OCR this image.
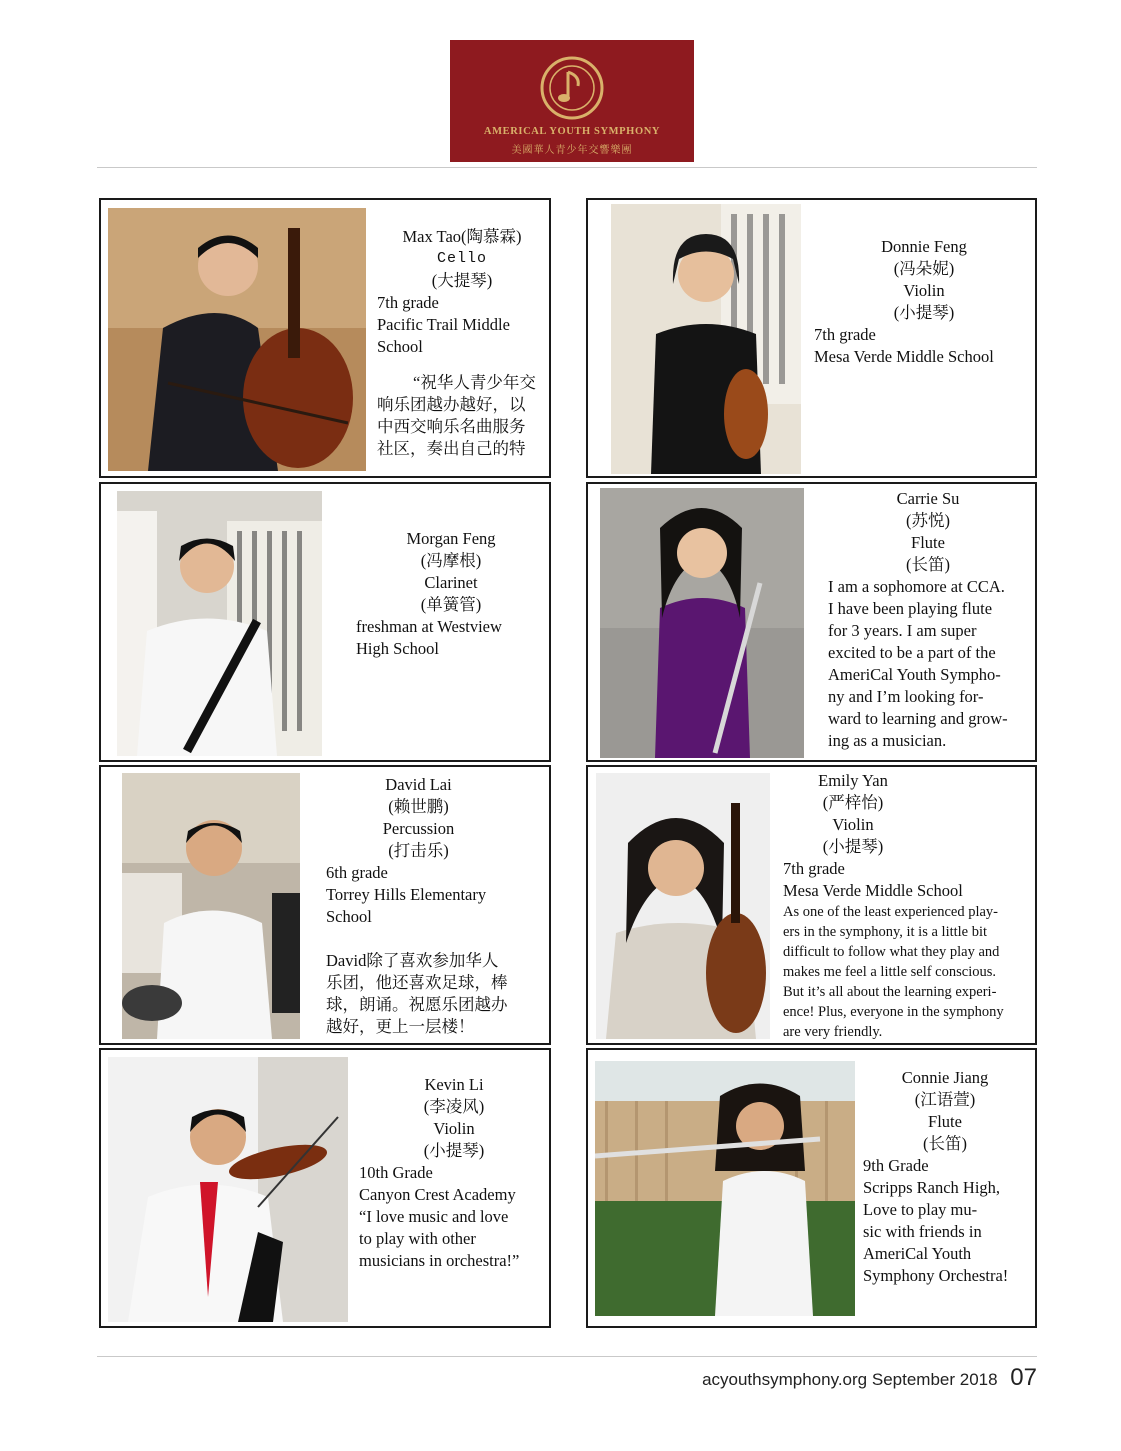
AMERICAL YOUTH SYMPHONY
美國華人青少年交響樂團
Max Tao(陶慕霖)
Cello
(大提琴)
7th grade
Pacific Trail Middle
School
“祝华人青少年交
响乐团越办越好，以
中西交响乐名曲服务
社区，奏出自己的特
Donnie Feng
(冯朵妮)
Violin
(小提琴)
7th grade
Mesa Verde Middle School
Morgan Feng
(冯摩根)
Clarinet
(单簧管)
freshman at Westview
High School
Carrie Su
(苏悦)
Flute
(长笛)
I am a sophomore at CCA.
I have been playing flute
for 3 years. I am super
excited to be a part of the
AmeriCal Youth Sympho-
ny and I’m looking for-
ward to learning and grow-
ing as a musician.
David Lai
(赖世鹏)
Percussion
(打击乐)
6th grade
Torrey Hills Elementary
School
David除了喜欢参加华人
乐团，他还喜欢足球，棒
球，朗诵。祝愿乐团越办
越好，更上一层楼！
Emily Yan
(严梓怡)
Violin
(小提琴)
7th grade
Mesa Verde Middle School
As one of the least experienced play-
ers in the symphony, it is a little bit
difficult to follow what they play and
makes me feel a little self conscious.
But it’s all about the learning experi-
ence! Plus, everyone in the symphony
are very friendly.
Kevin Li
(李凌风)
Violin
(小提琴)
10th Grade
Canyon Crest Academy
“I love music and love
to play with other
musicians in orchestra!”
Connie Jiang
(江语萱)
Flute
(长笛)
9th Grade
Scripps Ranch High,
Love to play mu-
sic with friends in
AmeriCal Youth
Symphony Orchestra!
acyouthsymphony.org September 2018 07
